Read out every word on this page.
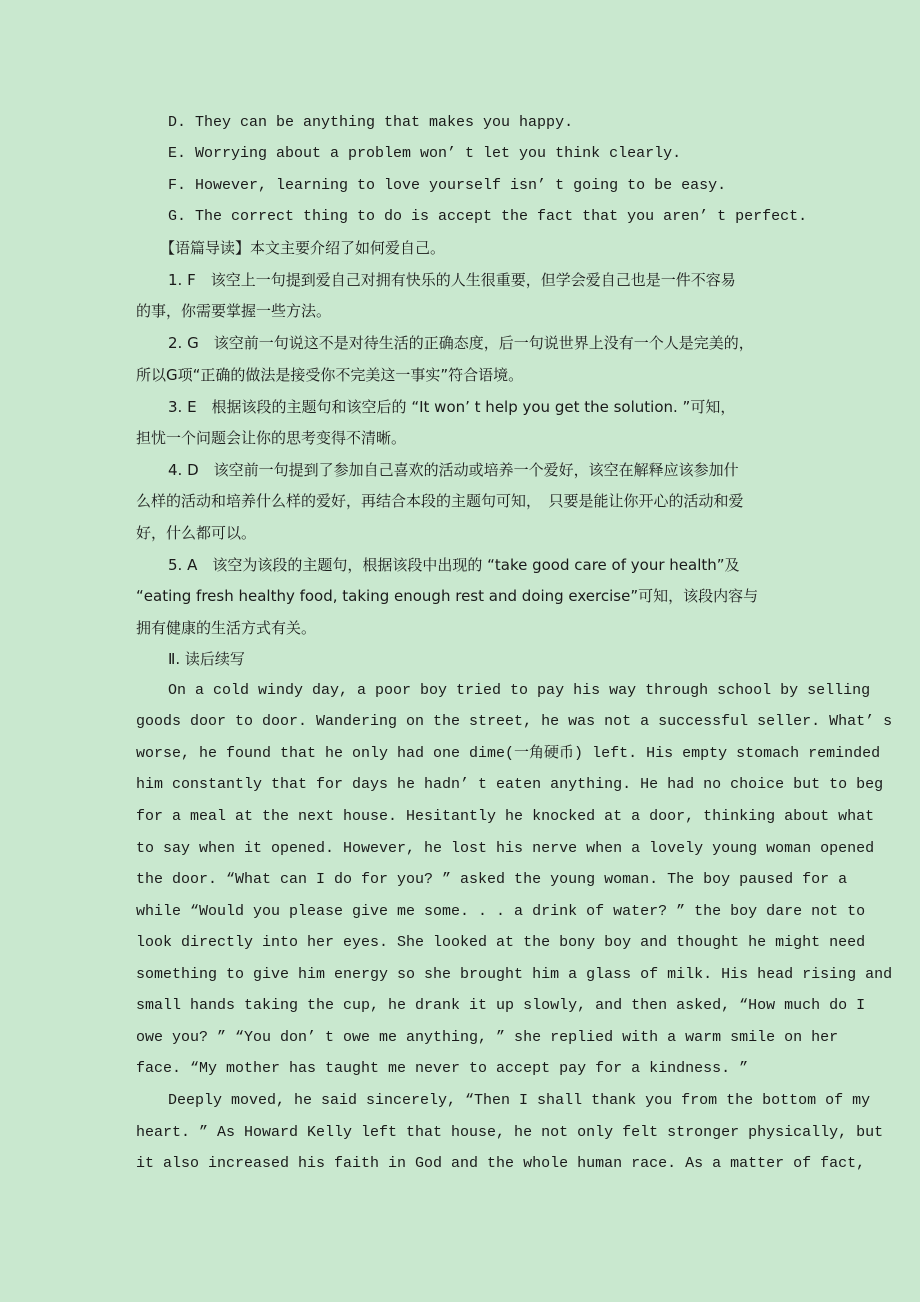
D. They can be anything that makes you happy.
E. Worrying about a problem won’ t let you think clearly.
F. However, learning to love yourself isn’ t going to be easy.
G. The correct thing to do is accept the fact that you aren’ t perfect.
【语篇导读】本文主要介绍了如何爱自己。
1. F　该空上一句提到爱自己对拥有快乐的人生很重要，但学会爱自己也是一件不容易
的事，你需要掌握一些方法。
2. G　该空前一句说这不是对待生活的正确态度，后一句说世界上没有一个人是完美的，
所以G项“正确的做法是接受你不完美这一事实”符合语境。
3. E　根据该段的主题句和该空后的 “It won’ t help you get the solution. ”可知，
担忧一个问题会让你的思考变得不清晰。
4. D　该空前一句提到了参加自己喜欢的活动或培养一个爱好，该空在解释应该参加什
么样的活动和培养什么样的爱好，再结合本段的主题句可知，　只要是能让你开心的活动和爱
好，什么都可以。
5. A　该空为该段的主题句，根据该段中出现的 “take good care of your health”及
“eating fresh healthy food, taking enough rest and doing exercise”可知，该段内容与
拥有健康的生活方式有关。
Ⅱ. 读后续写
On a cold windy day, a poor boy tried to pay his way through school by selling
goods door to door. Wandering on the street, he was not a successful seller. What’ s
worse, he found that he only had one dime(一角硬币) left. His empty stomach reminded
him constantly that for days he hadn’ t eaten anything. He had no choice but to beg
for a meal at the next house. Hesitantly he knocked at a door, thinking about what
to say when it opened. However, he lost his nerve when a lovely young woman opened
the door. “What can I do for you? ” asked the young woman. The boy paused for a
while “Would you please give me some. . . a drink of water? ” the boy dare not to
look directly into her eyes. She looked at the bony boy and thought he might need
something to give him energy so she brought him a glass of milk. His head rising and
small hands taking the cup, he drank it up slowly, and then asked, “How much do I
owe you? ” “You don’ t owe me anything, ” she replied with a warm smile on her
face. “My mother has taught me never to accept pay for a kindness. ”
Deeply moved, he said sincerely, “Then I shall thank you from the bottom of my
heart. ” As Howard Kelly left that house, he not only felt stronger physically, but
it also increased his faith in God and the whole human race. As a matter of fact,
